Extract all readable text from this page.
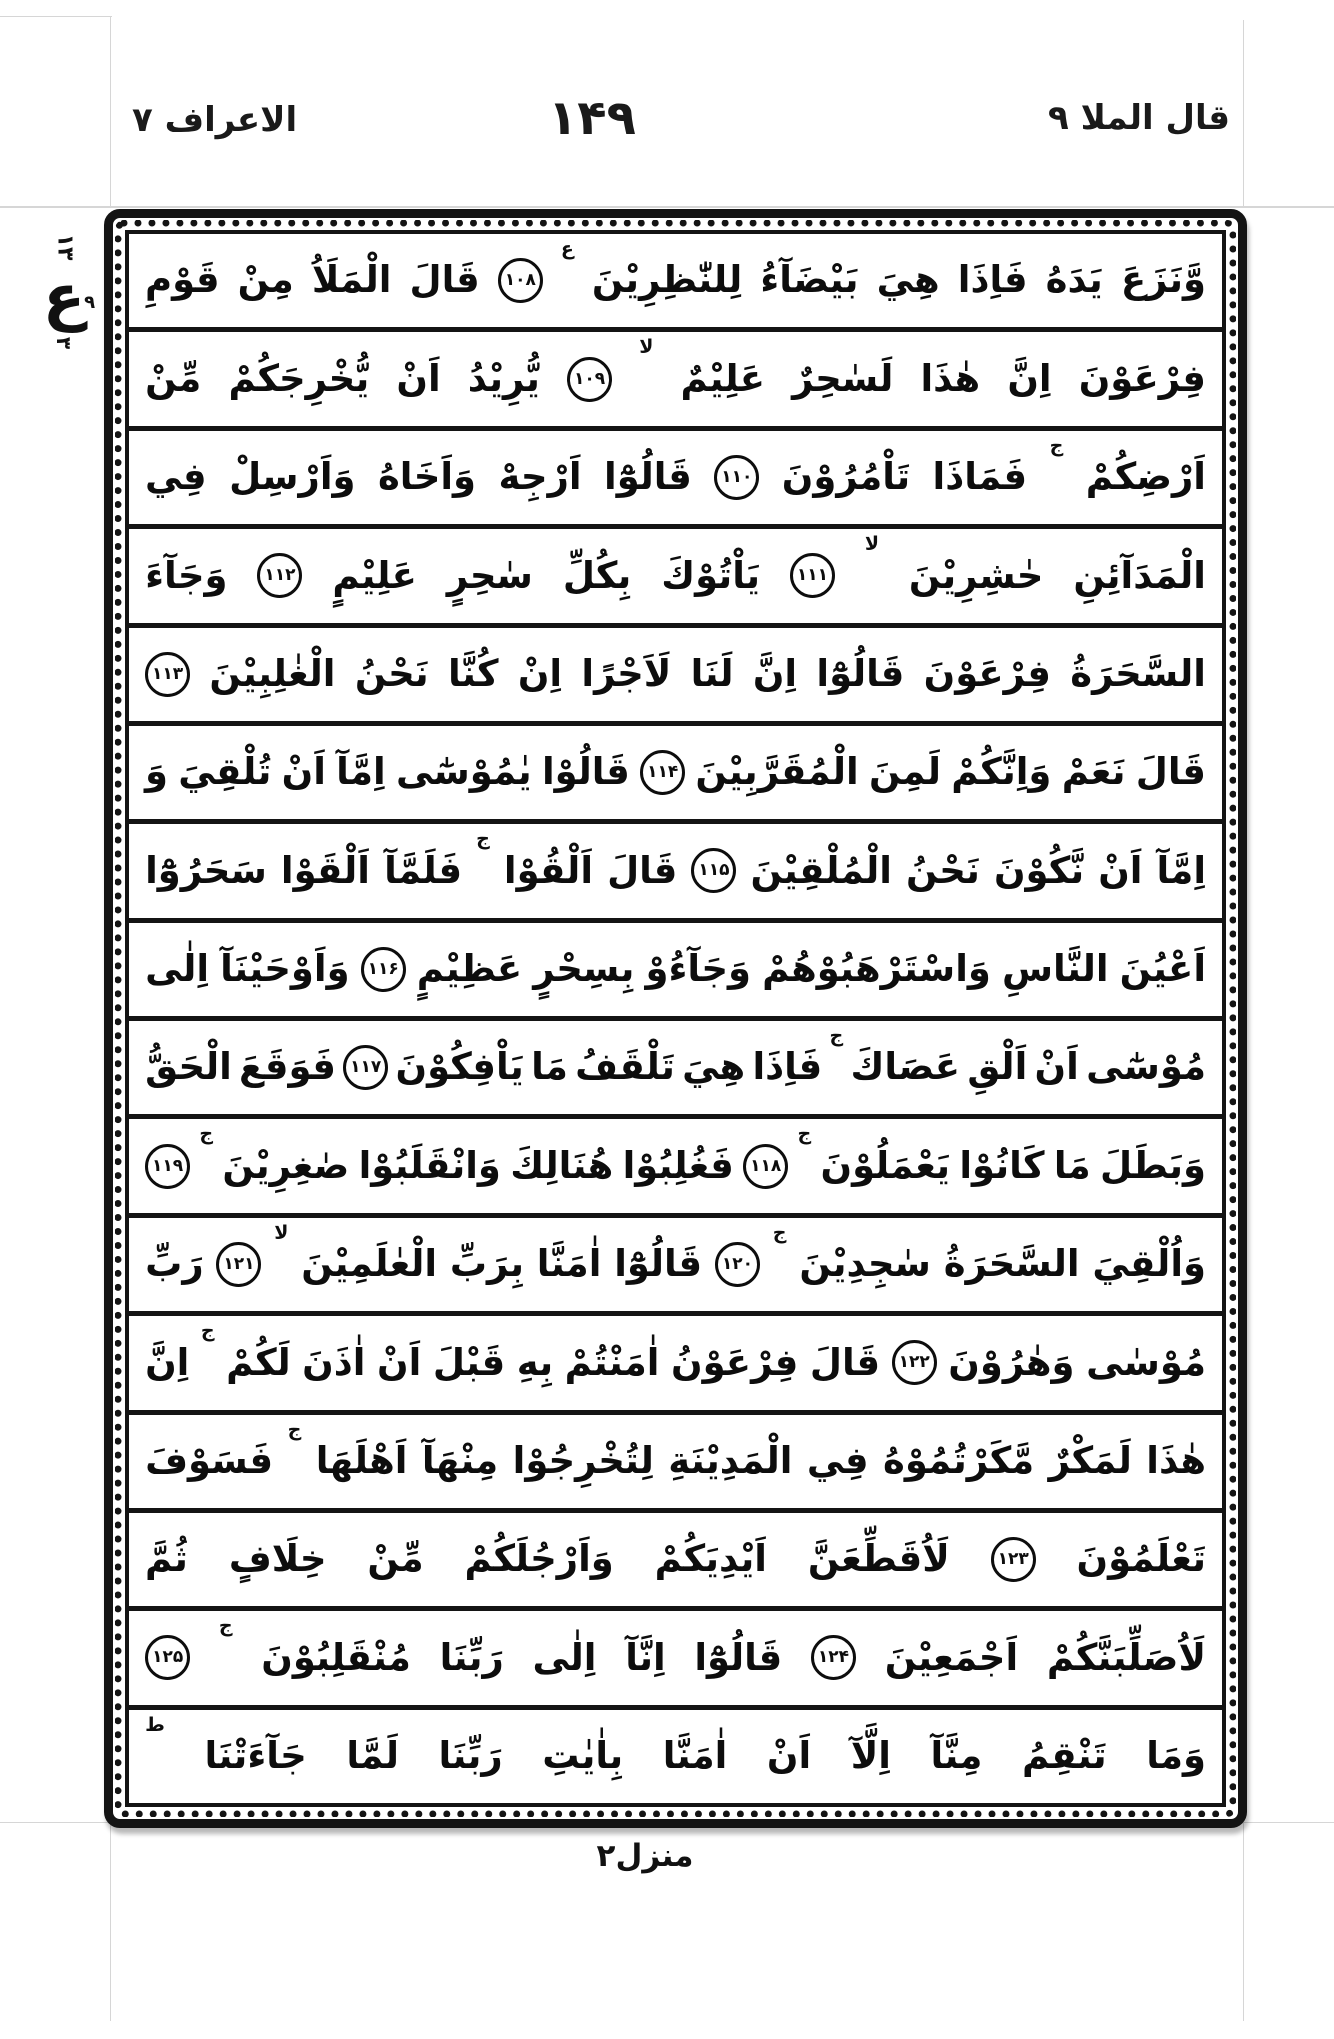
الاعراف ۷	۱۴۹	قال الملا ۹
۱۳
ع ۹
۳
وَّنَزَعَ
يَدَهُ
فَاِذَا
هِيَ
بَيْضَآءُ
لِلنّٰظِرِيْنَ
ع
۱۰۸
قَالَ
الْمَلَاُ
مِنْ
قَوْمِ
فِرْعَوْنَ
اِنَّ
هٰذَا
لَسٰحِرٌ
عَلِيْمٌ
لا
۱۰۹
يُّرِيْدُ
اَنْ
يُّخْرِجَكُمْ
مِّنْ
اَرْضِكُمْ
ج
فَمَاذَا
تَاْمُرُوْنَ
۱۱۰
قَالُوْٓا
اَرْجِهْ
وَاَخَاهُ
وَاَرْسِلْ
فِي
الْمَدَآئِنِ
حٰشِرِيْنَ
لا
۱۱۱
يَاْتُوْكَ
بِكُلِّ
سٰحِرٍ
عَلِيْمٍ
۱۱۲
وَجَآءَ
السَّحَرَةُ
فِرْعَوْنَ
قَالُوْٓا
اِنَّ
لَنَا
لَاَجْرًا
اِنْ
كُنَّا
نَحْنُ
الْغٰلِبِيْنَ
۱۱۳
قَالَ
نَعَمْ
وَاِنَّكُمْ
لَمِنَ
الْمُقَرَّبِيْنَ
۱۱۴
قَالُوْا
يٰمُوْسٰٓى
اِمَّآ
اَنْ
تُلْقِيَ
وَ
اِمَّآ
اَنْ
نَّكُوْنَ
نَحْنُ
الْمُلْقِيْنَ
۱۱۵
قَالَ
اَلْقُوْا
ج
فَلَمَّآ
اَلْقَوْا
سَحَرُوْٓا
اَعْيُنَ
النَّاسِ
وَاسْتَرْهَبُوْهُمْ
وَجَآءُوْ
بِسِحْرٍ
عَظِيْمٍ
۱۱۶
وَاَوْحَيْنَآ
اِلٰى
مُوْسٰٓى
اَنْ
اَلْقِ
عَصَاكَ
ج
فَاِذَا
هِيَ
تَلْقَفُ
مَا
يَاْفِكُوْنَ
۱۱۷
فَوَقَعَ
الْحَقُّ
وَبَطَلَ
مَا
كَانُوْا
يَعْمَلُوْنَ
ج
۱۱۸
فَغُلِبُوْا
هُنَالِكَ
وَانْقَلَبُوْا
صٰغِرِيْنَ
ج
۱۱۹
وَاُلْقِيَ
السَّحَرَةُ
سٰجِدِيْنَ
ج
۱۲۰
قَالُوْٓا
اٰمَنَّا
بِرَبِّ
الْعٰلَمِيْنَ
لا
۱۲۱
رَبِّ
مُوْسٰى
وَهٰرُوْنَ
۱۲۲
قَالَ
فِرْعَوْنُ
اٰمَنْتُمْ
بِهِ
قَبْلَ
اَنْ
اٰذَنَ
لَكُمْ
ج
اِنَّ
هٰذَا
لَمَكْرٌ
مَّكَرْتُمُوْهُ
فِي
الْمَدِيْنَةِ
لِتُخْرِجُوْا
مِنْهَآ
اَهْلَهَا
ج
فَسَوْفَ
تَعْلَمُوْنَ
۱۲۳
لَاُقَطِّعَنَّ
اَيْدِيَكُمْ
وَاَرْجُلَكُمْ
مِّنْ
خِلَافٍ
ثُمَّ
لَاُصَلِّبَنَّكُمْ
اَجْمَعِيْنَ
۱۲۴
قَالُوْٓا
اِنَّآ
اِلٰى
رَبِّنَا
مُنْقَلِبُوْنَ
ج
۱۲۵
وَمَا
تَنْقِمُ
مِنَّآ
اِلَّآ
اَنْ
اٰمَنَّا
بِاٰيٰتِ
رَبِّنَا
لَمَّا
جَآءَتْنَا
ط
منزل۲
